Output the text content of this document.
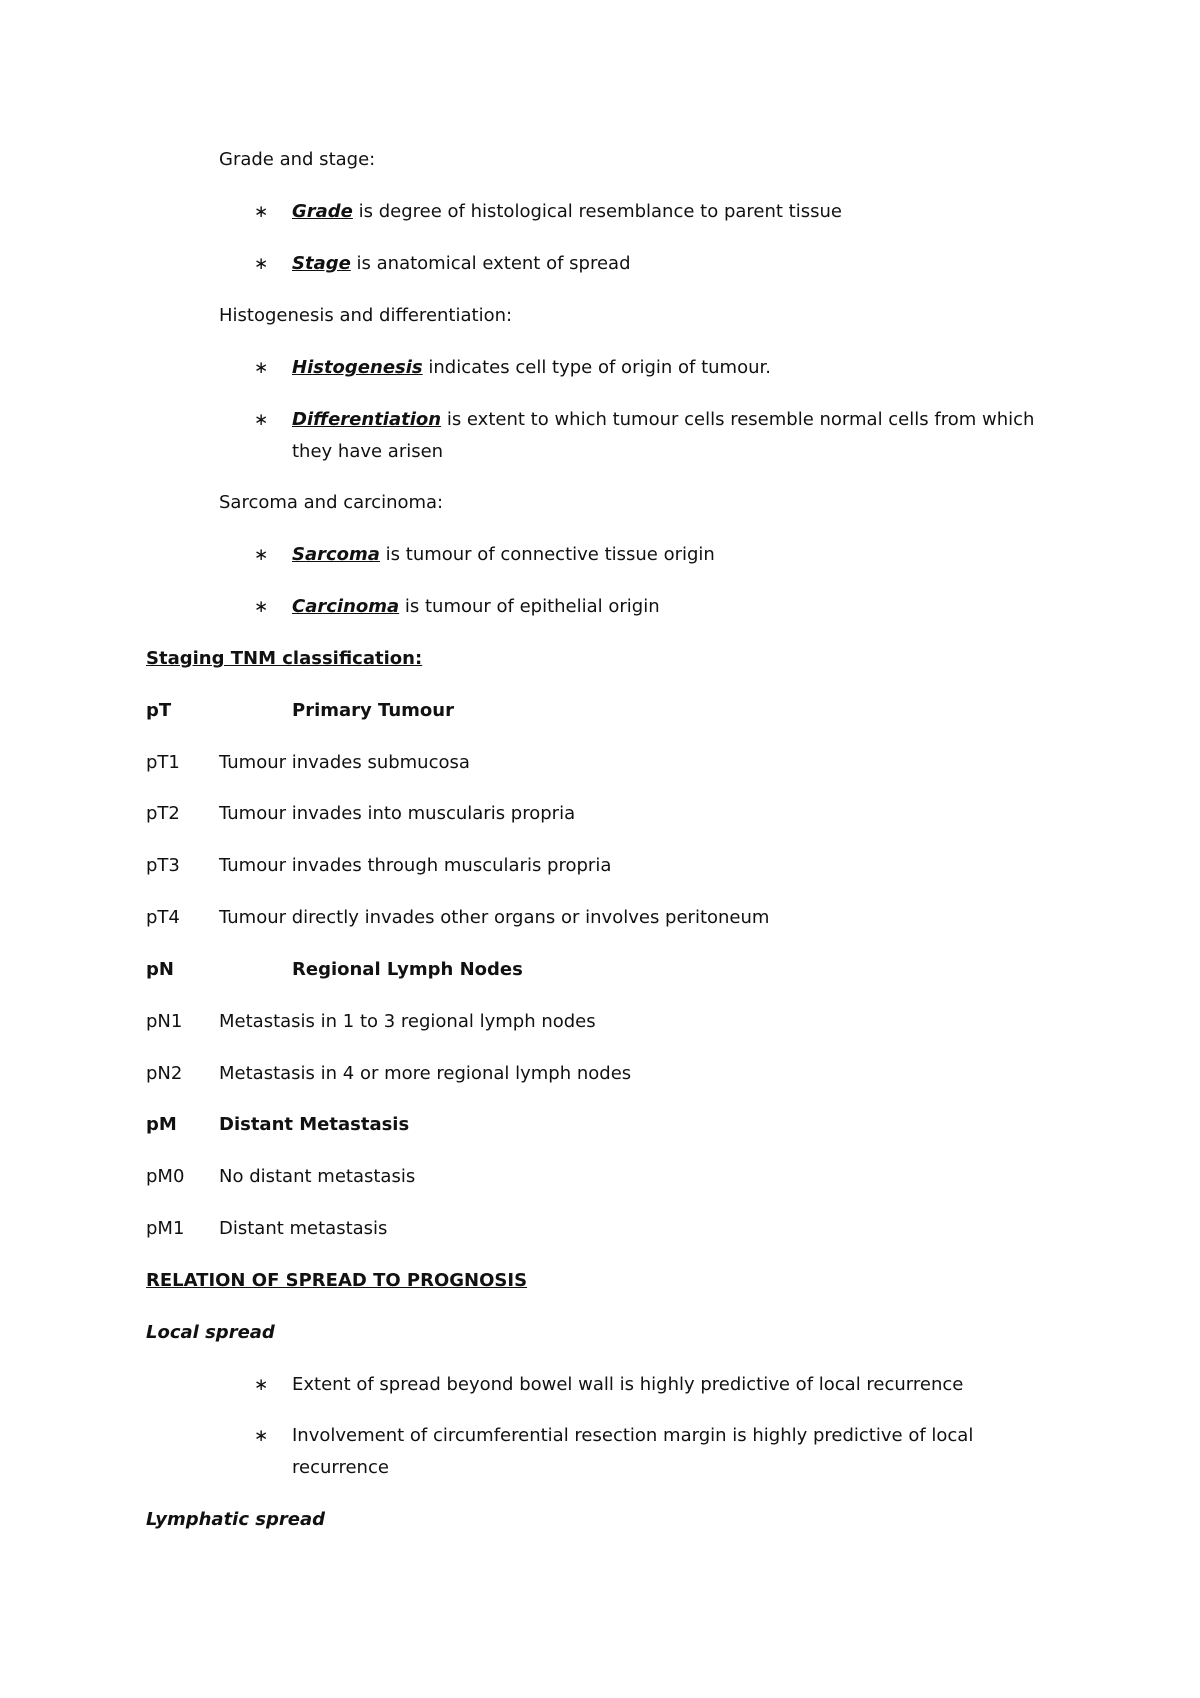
Grade and stage:
∗ Grade is degree of histological resemblance to parent tissue
∗ Stage is anatomical extent of spread
Histogenesis and differentiation:
∗ Histogenesis indicates cell type of origin of tumour.
∗ Differentiation is extent to which tumour cells resemble normal cells from which
they have arisen
Sarcoma and carcinoma:
∗ Sarcoma is tumour of connective tissue origin
∗ Carcinoma is tumour of epithelial origin
Staging TNM classification:
pT	Primary Tumour
pT1 Tumour invades submucosa
pT2 Tumour invades into muscularis propria
pT3 Tumour invades through muscularis propria
pT4 Tumour directly invades other organs or involves peritoneum
pN	Regional Lymph Nodes
pN1 Metastasis in 1 to 3 regional lymph nodes
pN2 Metastasis in 4 or more regional lymph nodes
pM Distant Metastasis
pM0 No distant metastasis
pM1 Distant metastasis
RELATION OF SPREAD TO PROGNOSIS
Local spread
∗ Extent of spread beyond bowel wall is highly predictive of local recurrence
∗ Involvement of circumferential resection margin is highly predictive of local
recurrence
Lymphatic spread
